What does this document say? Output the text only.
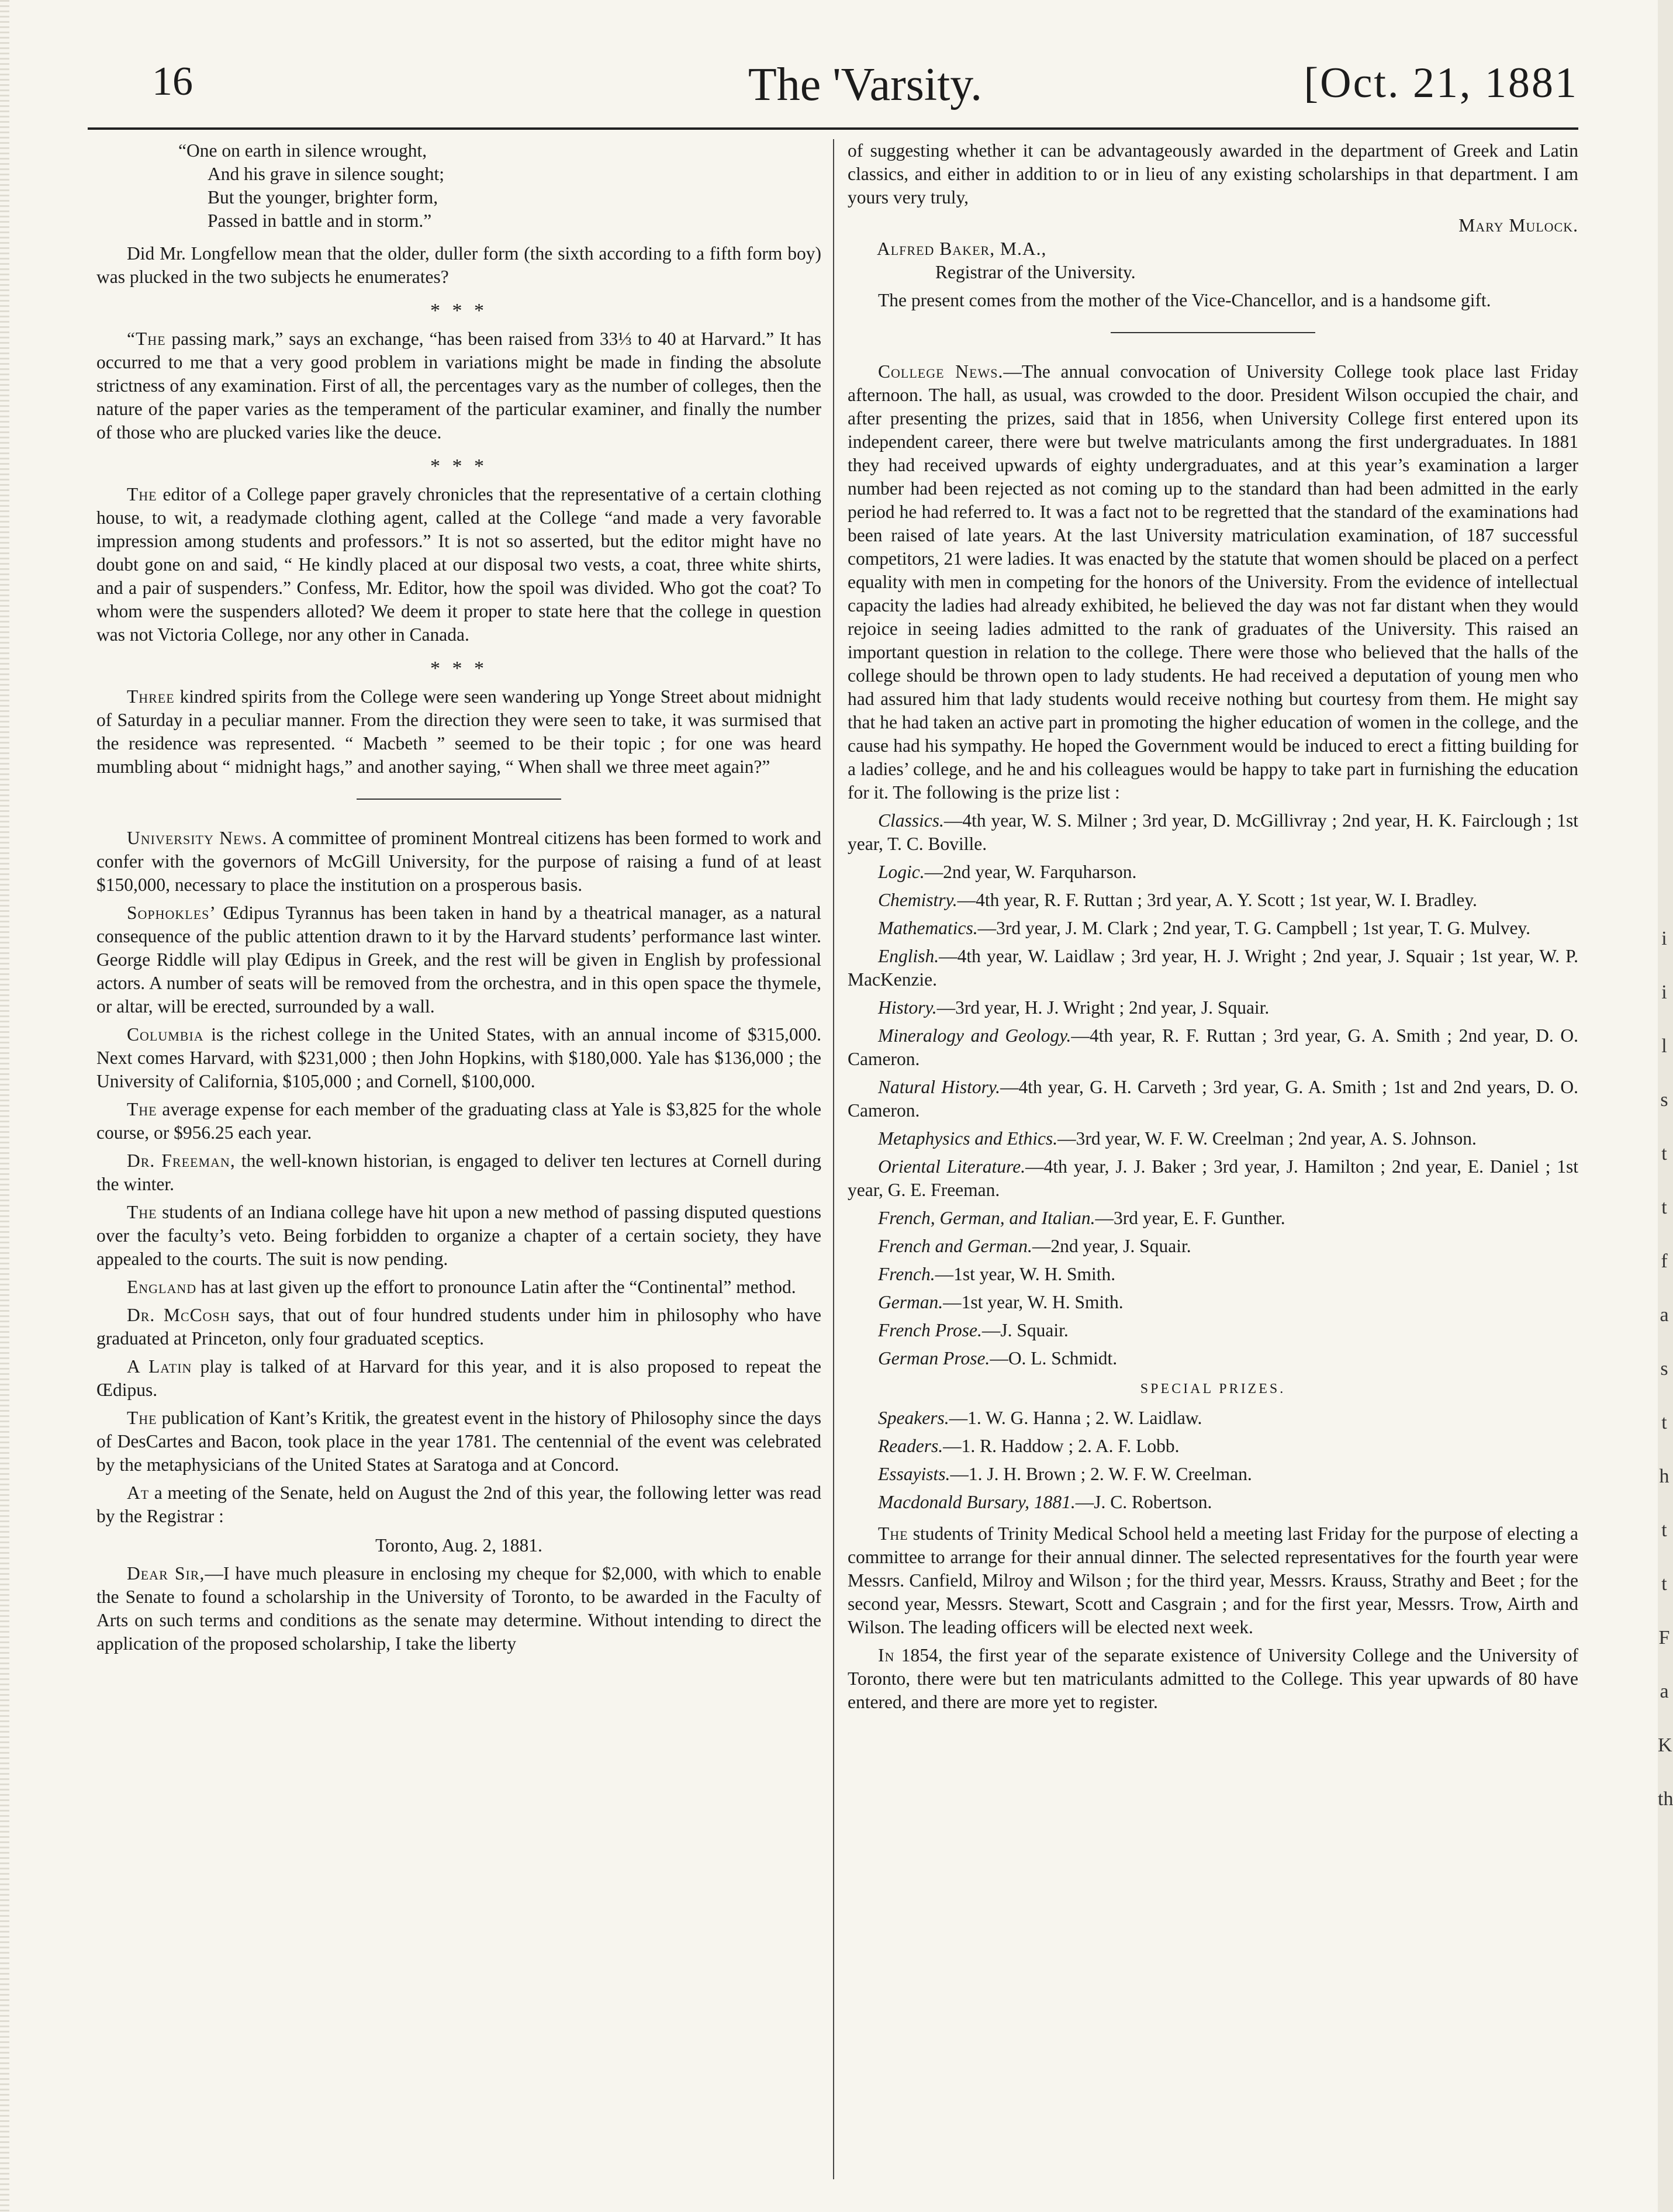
i
i
l
s
t
t
f
a
s
t
h
t
t
F
a
K
th
16	The 'Varsity.	[Oct. 21, 1881
“One on earth in silence wrought,
And his grave in silence sought;
But the younger, brighter form,
Passed in battle and in storm.”

Did Mr. Longfellow mean that the older, duller form (the sixth according to a fifth form boy) was plucked in the two subjects he enumerates?

* * *

“The passing mark,” says an exchange, “has been raised from 33⅓ to 40 at Harvard.” It has occurred to me that a very good problem in variations might be made in finding the absolute strictness of any examination. First of all, the percentages vary as the number of colleges, then the nature of the paper varies as the temperament of the particular examiner, and finally the number of those who are plucked varies like the deuce.

* * *

The editor of a College paper gravely chronicles that the representative of a certain clothing house, to wit, a readymade clothing agent, called at the College “and made a very favorable impression among students and professors.” It is not so asserted, but the editor might have no doubt gone on and said, “ He kindly placed at our disposal two vests, a coat, three white shirts, and a pair of suspenders.” Confess, Mr. Editor, how the spoil was divided. Who got the coat? To whom were the suspenders alloted? We deem it proper to state here that the college in question was not Victoria College, nor any other in Canada.

* * *

Three kindred spirits from the College were seen wandering up Yonge Street about midnight of Saturday in a peculiar manner. From the direction they were seen to take, it was surmised that the residence was represented. “ Macbeth ” seemed to be their topic ; for one was heard mumbling about “ midnight hags,” and another saying, “ When shall we three meet again?”

University News. A committee of prominent Montreal citizens has been formed to work and confer with the governors of McGill University, for the purpose of raising a fund of at least $150,000, necessary to place the institution on a prosperous basis.

Sophokles’ Œdipus Tyrannus has been taken in hand by a theatrical manager, as a natural consequence of the public attention drawn to it by the Harvard students’ performance last winter. George Riddle will play Œdipus in Greek, and the rest will be given in English by professional actors. A number of seats will be removed from the orchestra, and in this open space the thymele, or altar, will be erected, surrounded by a wall.

Columbia is the richest college in the United States, with an annual income of $315,000. Next comes Harvard, with $231,000 ; then John Hopkins, with $180,000. Yale has $136,000 ; the University of California, $105,000 ; and Cornell, $100,000.

The average expense for each member of the graduating class at Yale is $3,825 for the whole course, or $956.25 each year.

Dr. Freeman, the well-known historian, is engaged to deliver ten lectures at Cornell during the winter.

The students of an Indiana college have hit upon a new method of passing disputed questions over the faculty’s veto. Being forbidden to organize a chapter of a certain society, they have appealed to the courts. The suit is now pending.

England has at last given up the effort to pronounce Latin after the “Continental” method.

Dr. McCosh says, that out of four hundred students under him in philosophy who have graduated at Princeton, only four graduated sceptics.

A Latin play is talked of at Harvard for this year, and it is also proposed to repeat the Œdipus.

The publication of Kant’s Kritik, the greatest event in the history of Philosophy since the days of DesCartes and Bacon, took place in the year 1781. The centennial of the event was celebrated by the metaphysicians of the United States at Saratoga and at Concord.

At a meeting of the Senate, held on August the 2nd of this year, the following letter was read by the Registrar :

Toronto, Aug. 2, 1881.

Dear Sir,—I have much pleasure in enclosing my cheque for $2,000, with which to enable the Senate to found a scholarship in the University of Toronto, to be awarded in the Faculty of Arts on such terms and conditions as the senate may determine. Without intending to direct the application of the proposed scholarship, I take the liberty

of suggesting whether it can be advantageously awarded in the department of Greek and Latin classics, and either in addition to or in lieu of any existing scholarships in that department. I am yours very truly,

Mary Mulock.
Alfred Baker, M.A.,
Registrar of the University.

The present comes from the mother of the Vice-Chancellor, and is a handsome gift.

College News.—The annual convocation of University College took place last Friday afternoon. The hall, as usual, was crowded to the door. President Wilson occupied the chair, and after presenting the prizes, said that in 1856, when University College first entered upon its independent career, there were but twelve matriculants among the first undergraduates. In 1881 they had received upwards of eighty undergraduates, and at this year’s examination a larger number had been rejected as not coming up to the standard than had been admitted in the early period he had referred to. It was a fact not to be regretted that the standard of the examinations had been raised of late years. At the last University matriculation examination, of 187 successful competitors, 21 were ladies. It was enacted by the statute that women should be placed on a perfect equality with men in competing for the honors of the University. From the evidence of intellectual capacity the ladies had already exhibited, he believed the day was not far distant when they would rejoice in seeing ladies admitted to the rank of graduates of the University. This raised an important question in relation to the college. There were those who believed that the halls of the college should be thrown open to lady students. He had received a deputation of young men who had assured him that lady students would receive nothing but courtesy from them. He might say that he had taken an active part in promoting the higher education of women in the college, and the cause had his sympathy. He hoped the Government would be induced to erect a fitting building for a ladies’ college, and he and his colleagues would be happy to take part in furnishing the education for it. The following is the prize list :

Classics.—4th year, W. S. Milner ; 3rd year, D. McGillivray ; 2nd year, H. K. Fairclough ; 1st year, T. C. Boville.

Logic.—2nd year, W. Farquharson.

Chemistry.—4th year, R. F. Ruttan ; 3rd year, A. Y. Scott ; 1st year, W. I. Bradley.

Mathematics.—3rd year, J. M. Clark ; 2nd year, T. G. Campbell ; 1st year, T. G. Mulvey.

English.—4th year, W. Laidlaw ; 3rd year, H. J. Wright ; 2nd year, J. Squair ; 1st year, W. P. MacKenzie.

History.—3rd year, H. J. Wright ; 2nd year, J. Squair.

Mineralogy and Geology.—4th year, R. F. Ruttan ; 3rd year, G. A. Smith ; 2nd year, D. O. Cameron.

Natural History.—4th year, G. H. Carveth ; 3rd year, G. A. Smith ; 1st and 2nd years, D. O. Cameron.

Metaphysics and Ethics.—3rd year, W. F. W. Creelman ; 2nd year, A. S. Johnson.

Oriental Literature.—4th year, J. J. Baker ; 3rd year, J. Hamilton ; 2nd year, E. Daniel ; 1st year, G. E. Freeman.

French, German, and Italian.—3rd year, E. F. Gunther.

French and German.—2nd year, J. Squair.

French.—1st year, W. H. Smith.

German.—1st year, W. H. Smith.

French Prose.—J. Squair.

German Prose.—O. L. Schmidt.

SPECIAL PRIZES.

Speakers.—1. W. G. Hanna ; 2. W. Laidlaw.

Readers.—1. R. Haddow ; 2. A. F. Lobb.

Essayists.—1. J. H. Brown ; 2. W. F. W. Creelman.

Macdonald Bursary, 1881.—J. C. Robertson.

The students of Trinity Medical School held a meeting last Friday for the purpose of electing a committee to arrange for their annual dinner. The selected representatives for the fourth year were Messrs. Canfield, Milroy and Wilson ; for the third year, Messrs. Krauss, Strathy and Beet ; for the second year, Messrs. Stewart, Scott and Casgrain ; and for the first year, Messrs. Trow, Airth and Wilson. The leading officers will be elected next week.

In 1854, the first year of the separate existence of University College and the University of Toronto, there were but ten matriculants admitted to the College. This year upwards of 80 have entered, and there are more yet to register.
